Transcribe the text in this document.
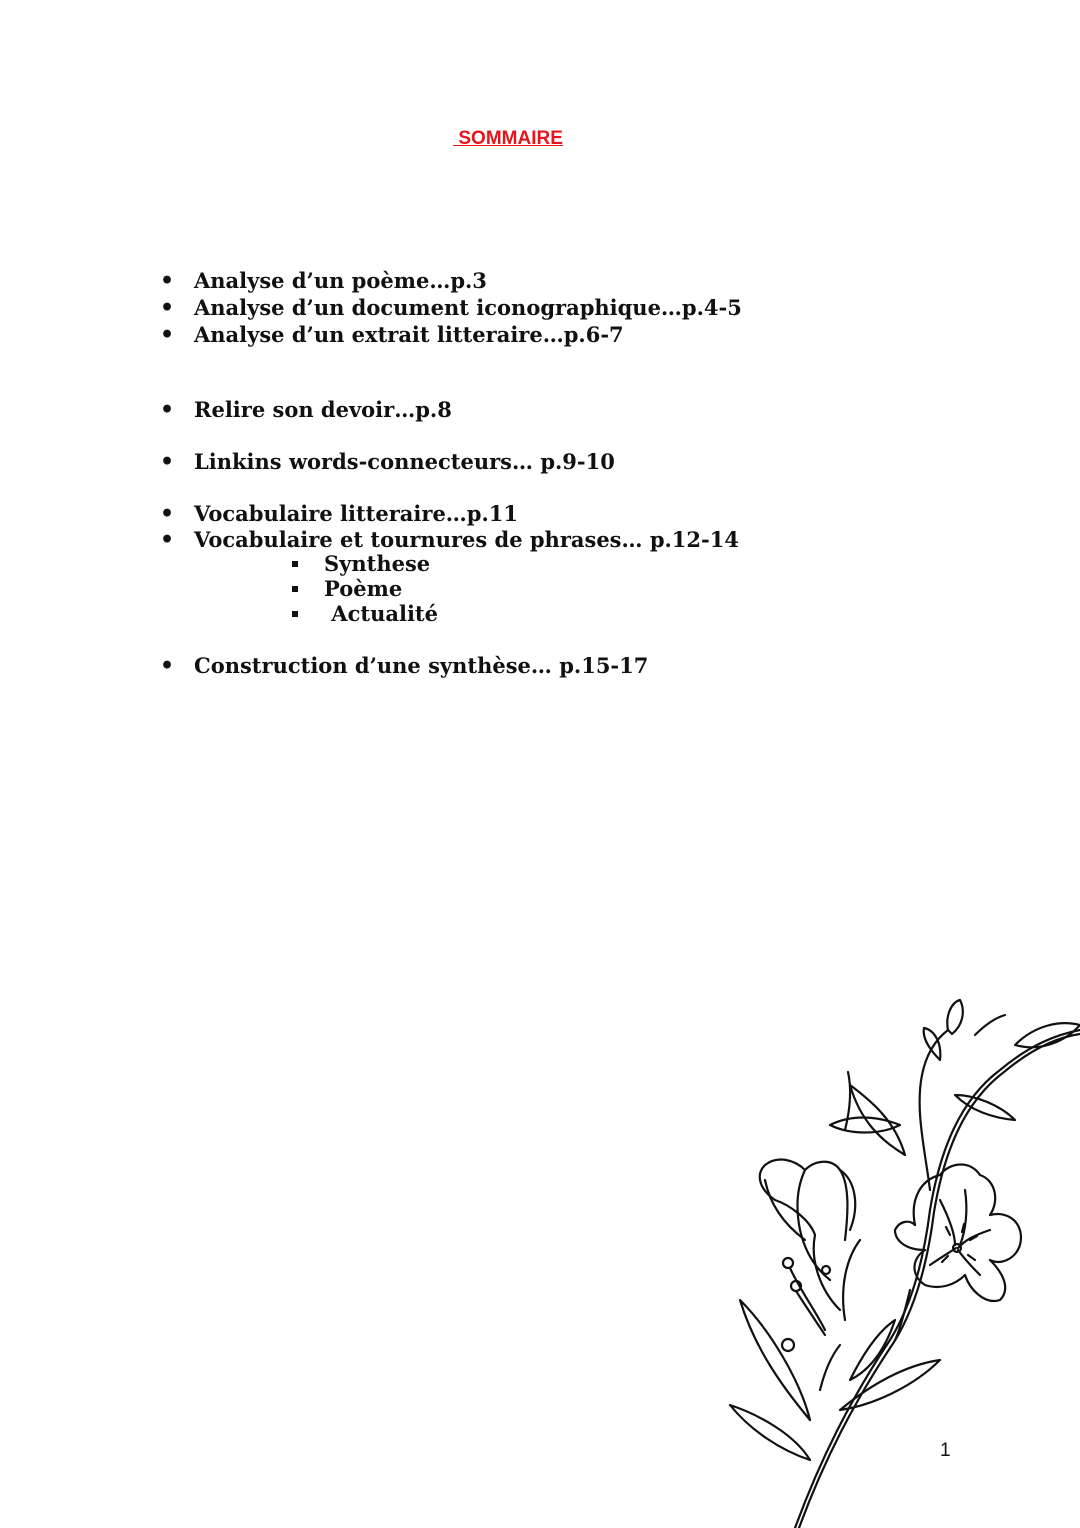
SOMMAIRE
• Analyse d’un poème…p.3
• Analyse d’un document iconographique…p.4-5
• Analyse d’un extrait litteraire…p.6-7
• Relire son devoir…p.8
• Linkins words-connecteurs… p.9-10
• Vocabulaire litteraire…p.11
• Vocabulaire et tournures de phrases… p.12-14
Synthese
Poème
Actualité
• Construction d’une synthèse… p.15-17
1
